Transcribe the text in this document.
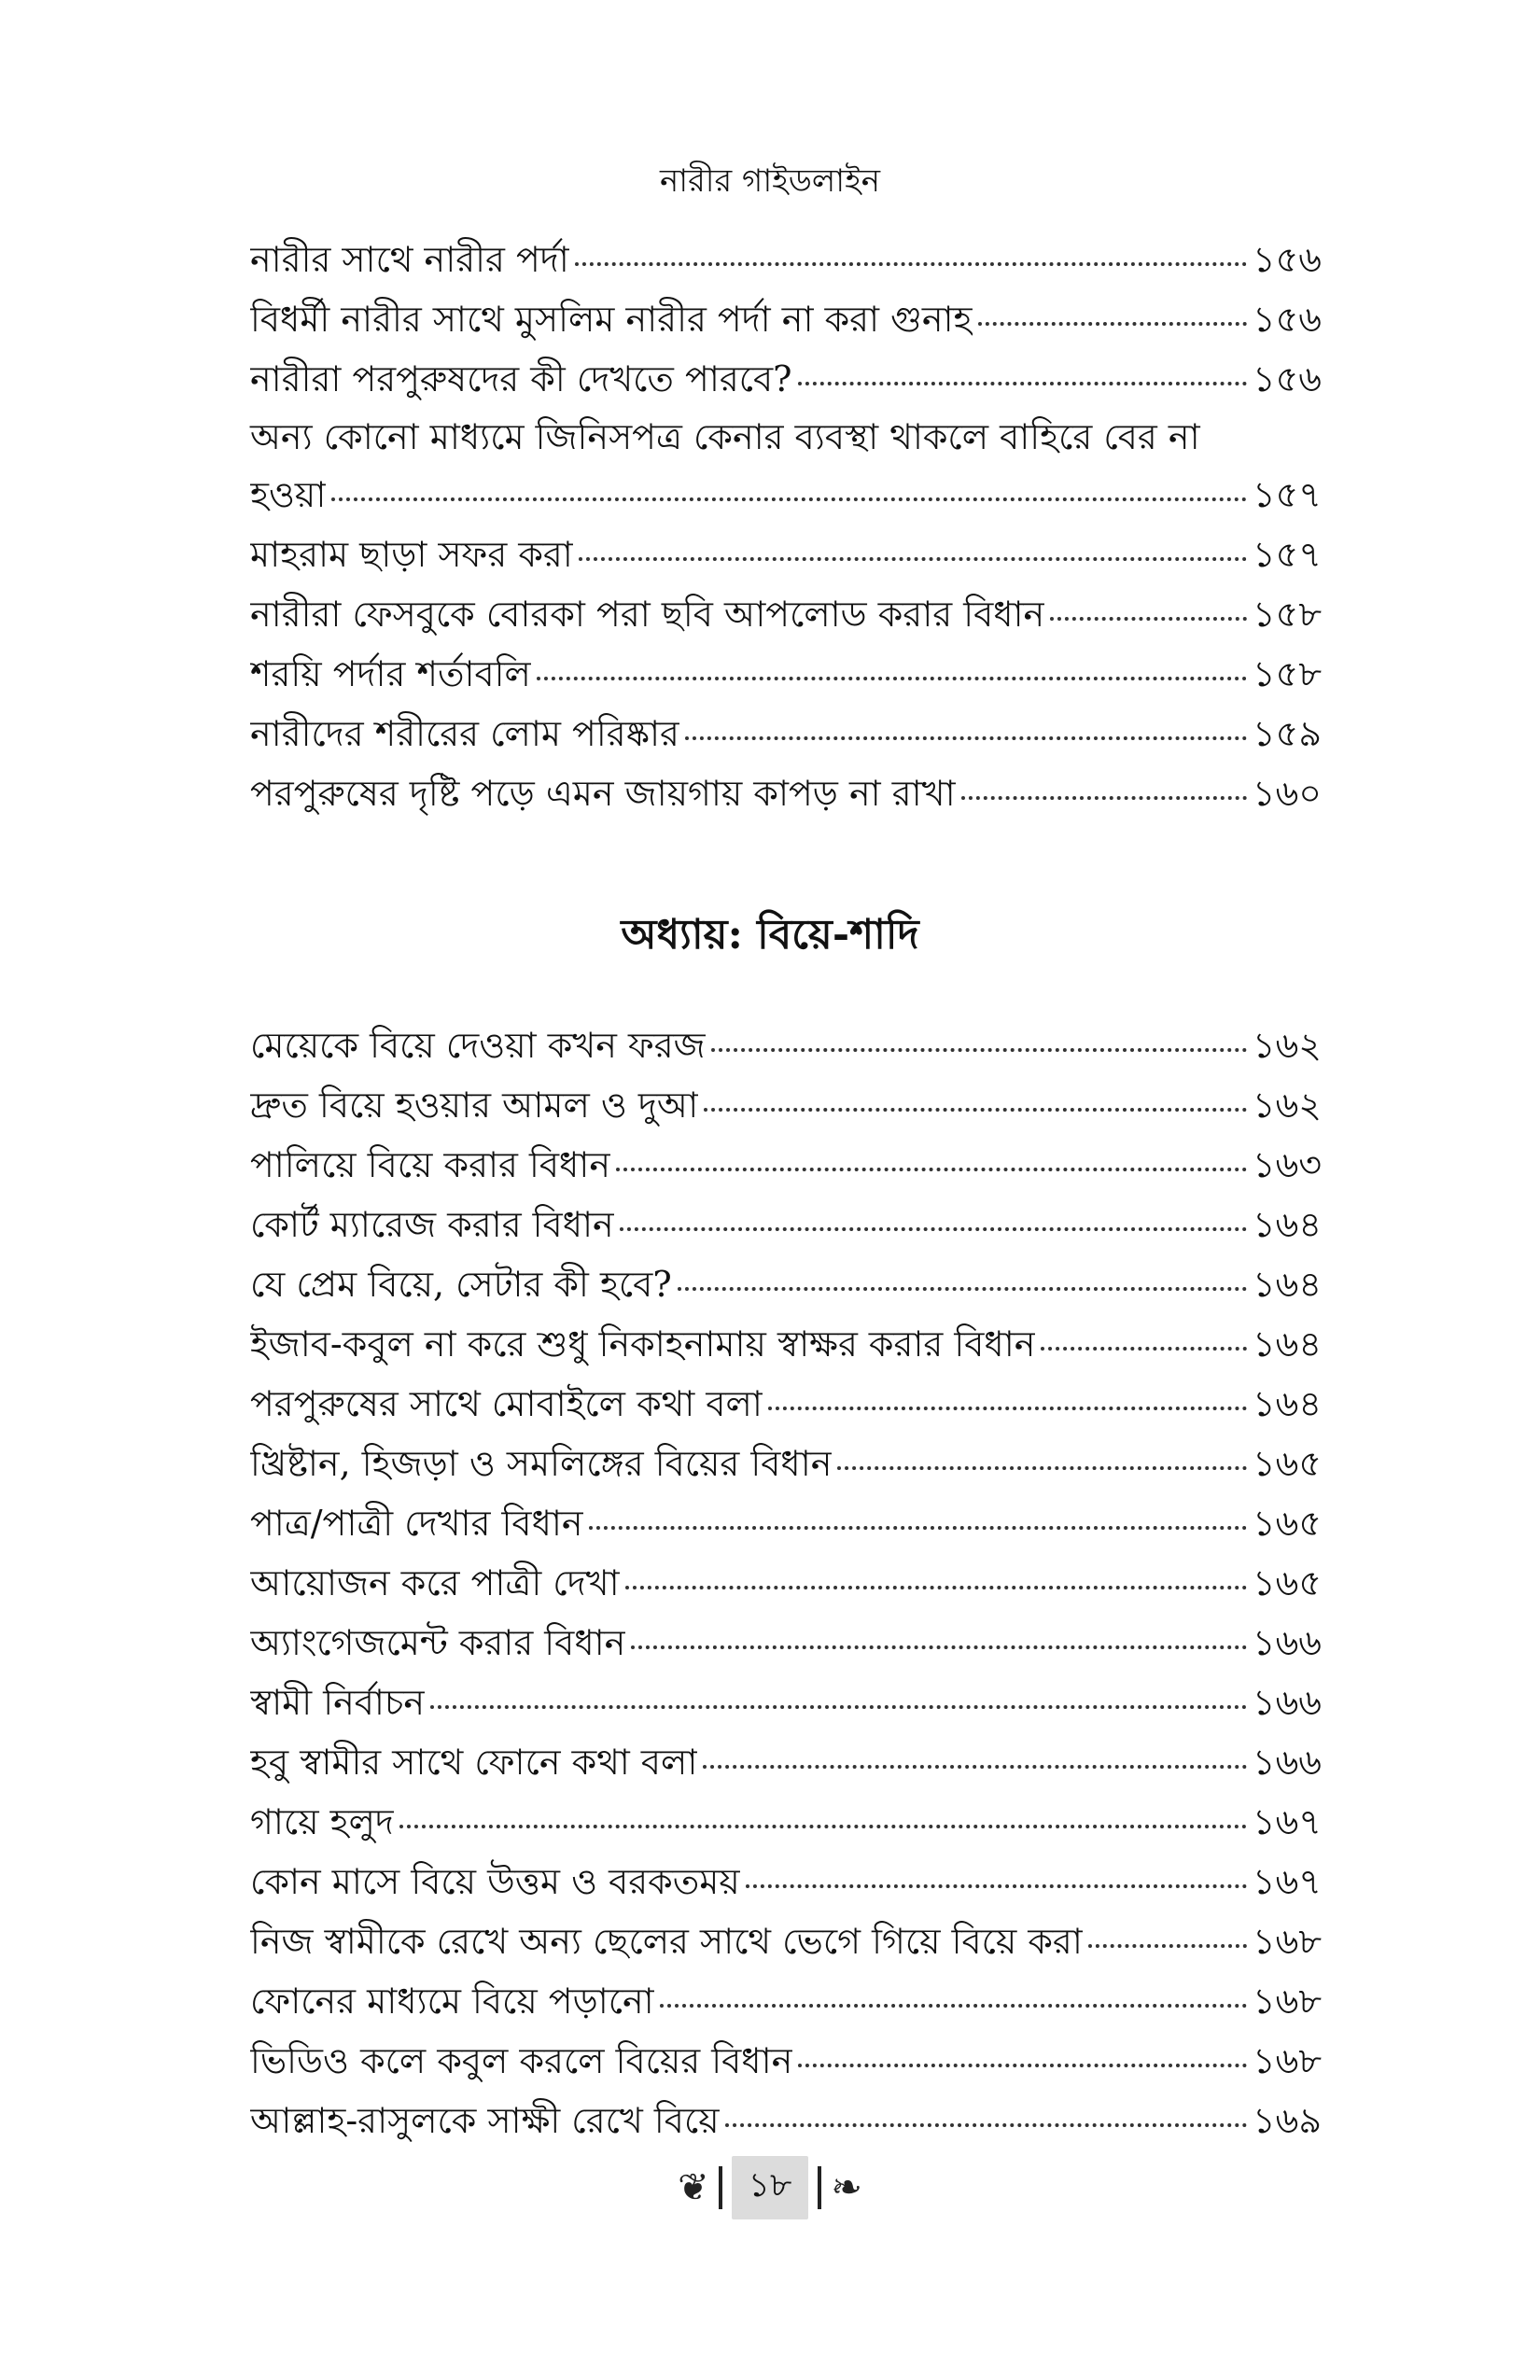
নারীর গাইডলাইন
নারীর সাথে নারীর পর্দা	১৫৬
বিধর্মী নারীর সাথে মুসলিম নারীর পর্দা না করা গুনাহ	১৫৬
নারীরা পরপুরুষদের কী দেখতে পারবে?	১৫৬
অন্য কোনো মাধ্যমে জিনিসপত্র কেনার ব্যবস্থা থাকলে বাহিরে বের না
হওয়া	১৫৭
মাহরাম ছাড়া সফর করা	১৫৭
নারীরা ফেসবুকে বোরকা পরা ছবি আপলোড করার বিধান	১৫৮
শরয়ি পর্দার শর্তাবলি	১৫৮
নারীদের শরীরের লোম পরিষ্কার	১৫৯
পরপুরুষের দৃষ্টি পড়ে এমন জায়গায় কাপড় না রাখা	১৬০
অধ্যায়: বিয়ে-শাদি
মেয়েকে বিয়ে দেওয়া কখন ফরজ	১৬২
দ্রুত বিয়ে হওয়ার আমল ও দুআ	১৬২
পালিয়ে বিয়ে করার বিধান	১৬৩
কোর্ট ম্যারেজ করার বিধান	১৬৪
যে প্রেম বিয়ে, সেটার কী হবে?	১৬৪
ইজাব-কবুল না করে শুধু নিকাহনামায় স্বাক্ষর করার বিধান	১৬৪
পরপুরুষের সাথে মোবাইলে কথা বলা	১৬৪
খ্রিষ্টান, হিজড়া ও সমলিঙ্গের বিয়ের বিধান	১৬৫
পাত্র/পাত্রী দেখার বিধান	১৬৫
আয়োজন করে পাত্রী দেখা	১৬৫
অ্যাংগেজমেন্ট করার বিধান	১৬৬
স্বামী নির্বাচন	১৬৬
হবু স্বামীর সাথে ফোনে কথা বলা	১৬৬
গায়ে হলুদ	১৬৭
কোন মাসে বিয়ে উত্তম ও বরকতময়	১৬৭
নিজ স্বামীকে রেখে অন্য ছেলের সাথে ভেগে গিয়ে বিয়ে করা	১৬৮
ফোনের মাধ্যমে বিয়ে পড়ানো	১৬৮
ভিডিও কলে কবুল করলে বিয়ের বিধান	১৬৮
আল্লাহ-রাসুলকে সাক্ষী রেখে বিয়ে	১৬৯
❦	১৮	❧
